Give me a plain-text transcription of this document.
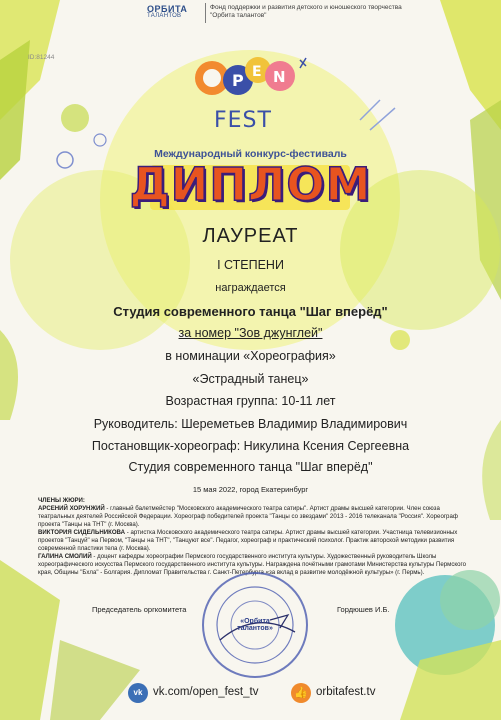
P E N
ОРБИТА
ТАЛАНТОВ
Фонд поддержки и развития детского и юношеского творчества "Орбита талантов"
ID:81244
FEST
Международный конкурс-фестиваль
ДИПЛОМ
ЛАУРЕАТ
I СТЕПЕНИ
награждается
Студия современного танца "Шаг вперёд"
за номер "Зов джунглей"
в номинации «Хореография»
«Эстрадный танец»
Возрастная группа: 10-11 лет
Руководитель: Шереметьев Владимир Владимирович
Постановщик-хореограф: Никулина Ксения Сергеевна
Студия современного танца "Шаг вперёд"
15 мая 2022, город Екатеринбург

ЧЛЕНЫ ЖЮРИ:

АРСЕНИЙ ХОРУНЖИЙ - главный балетмейстер "Московского академического театра сатиры". Артист драмы высшей категории. Член союза театральных деятелей Российской Федерации. Хореограф победителей проекта "Танцы со звездами" 2013 - 2016 телеканала "Россия". Хореограф проекта "Танцы на ТНТ" (г. Москва).

ВИКТОРИЯ СИДЕЛЬНИКОВА - артистка Московского академического театра сатиры. Артист драмы высшей категории. Участница телевизионных проектов "Танцуй" на Первом, "Танцы на ТНТ", "Танцуют все". Педагог, хореограф и практический психолог. Практик авторской методики развития современной пластики тела (г. Москва).

ГАЛИНА СМОЛИЙ - доцент кафедры хореографии Пермского государственного института культуры. Художественный руководитель Школы хореографического искусства Пермского государственного института культуры. Награждена почётными грамотами Министерства культуры Пермского края, Общины "Бхла" - Болгария. Дипломат Правительства г. Санкт-Петербурга «за вклад в развитие молодёжной культуры» (г. Пермь).

«Орбита талантов»
Председатель оргкомитета	Гордюшев И.Б.
vk vk.com/open_fest_tv	👍 orbitafest.tv
